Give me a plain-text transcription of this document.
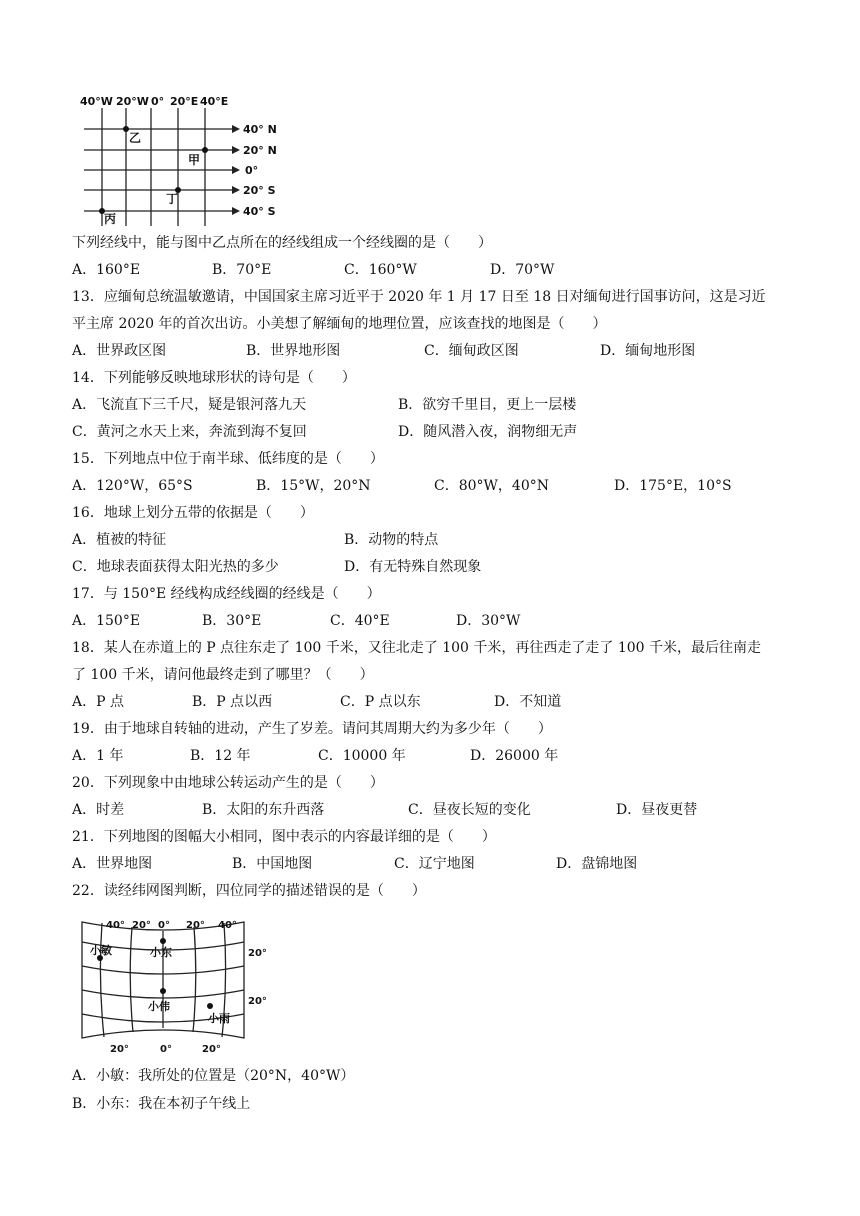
40°W 20°W 0° 20°E 40°E
40° N
20° N
0°
20° S
40° S
乙
甲
丁
丙
下列经线中，能与图中乙点所在的经线组成一个经线圈的是（　　）
A．160°E	B．70°E	C．160°W	D．70°W
13．应缅甸总统温敏邀请，中国国家主席习近平于 2020 年 1 月 17 日至 18 日对缅甸进行国事访问，这是习近
平主席 2020 年的首次出访。小美想了解缅甸的地理位置，应该查找的地图是（　　）
A．世界政区图	B．世界地形图	C．缅甸政区图	D．缅甸地形图
14．下列能够反映地球形状的诗句是（　　）
A．飞流直下三千尺，疑是银河落九天	B．欲穷千里目，更上一层楼
C．黄河之水天上来，奔流到海不复回	D．随风潜入夜，润物细无声
15．下列地点中位于南半球、低纬度的是（　　）
A．120°W，65°S	B．15°W，20°N	C．80°W，40°N	D．175°E，10°S
16．地球上划分五带的依据是（　　）
A．植被的特征	B．动物的特点
C．地球表面获得太阳光热的多少	D．有无特殊自然现象
17．与 150°E 经线构成经线圈的经线是（　　）
A．150°E	B．30°E	C．40°E	D．30°W
18．某人在赤道上的 P 点往东走了 100 千米，又往北走了 100 千米，再往西走了走了 100 千米，最后往南走
了 100 千米，请问他最终走到了哪里？（　　）
A．P 点	B．P 点以西	C．P 点以东	D．不知道
19．由于地球自转轴的进动，产生了岁差。请问其周期大约为多少年（　　）
A．1 年	B．12 年	C．10000 年	D．26000 年
20．下列现象中由地球公转运动产生的是（　　）
A．时差	B．太阳的东升西落	C．昼夜长短的变化	D．昼夜更替
21．下列地图的图幅大小相同，图中表示的内容最详细的是（　　）
A．世界地图	B．中国地图	C．辽宁地图	D．盘锦地图
22．读经纬网图判断，四位同学的描述错误的是（　　）
40° 20° 0° 20° 40°
20°
20°
20°	0°	20°
小敏	小东
小伟
小雨
A．小敏：我所处的位置是（20°N，40°W）
B．小东：我在本初子午线上
